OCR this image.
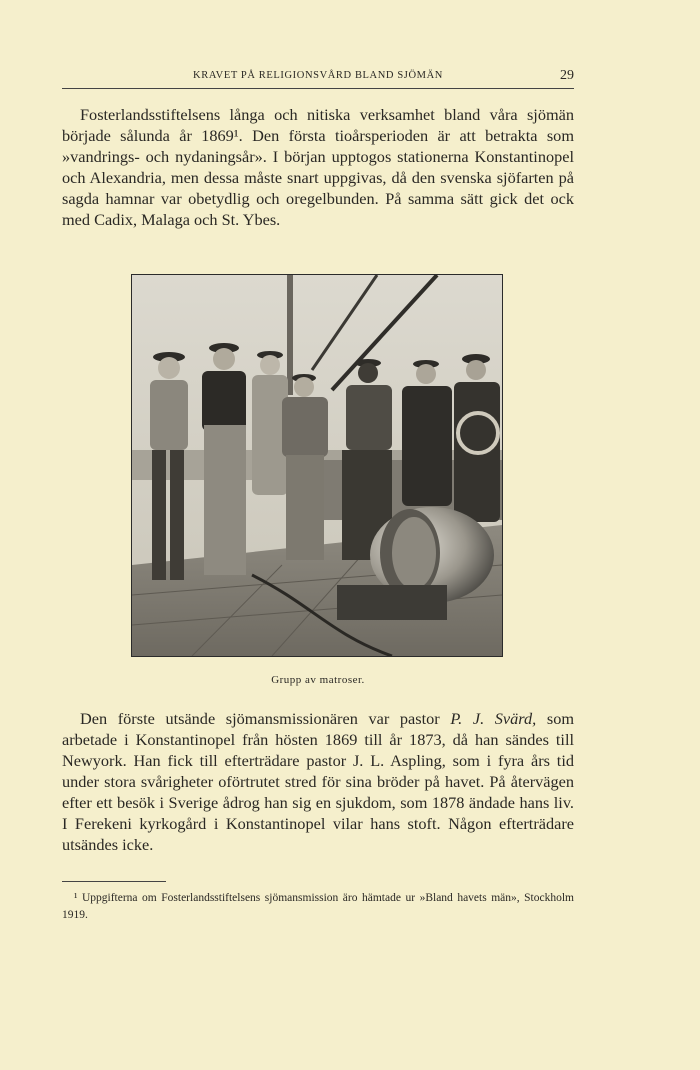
KRAVET PÅ RELIGIONSVÅRD BLAND SJÖMÄN	29

Fosterlandsstiftelsens långa och nitiska verksamhet bland våra sjömän började sålunda år 1869¹. Den första tioårsperioden är att betrakta som »vandrings- och nydaningsår». I början upptogos stationerna Konstantinopel och Alexandria, men dessa måste snart uppgivas, då den svenska sjöfarten på sagda hamnar var obetydlig och oregelbunden. På samma sätt gick det ock med Cadix, Malaga och St. Ybes.

Grupp av matroser.

Den förste utsände sjömansmissionären var pastor P. J. Svärd, som arbetade i Konstantinopel från hösten 1869 till år 1873, då han sändes till Newyork. Han fick till efterträdare pastor J. L. Aspling, som i fyra års tid under stora svårigheter oförtrutet stred för sina bröder på havet. På återvägen efter ett besök i Sverige ådrog han sig en sjukdom, som 1878 ändade hans liv. I Ferekeni kyrkogård i Konstantinopel vilar hans stoft. Någon efterträdare utsändes icke.

¹ Uppgifterna om Fosterlandsstiftelsens sjömansmission äro hämtade ur »Bland havets män», Stockholm 1919.
